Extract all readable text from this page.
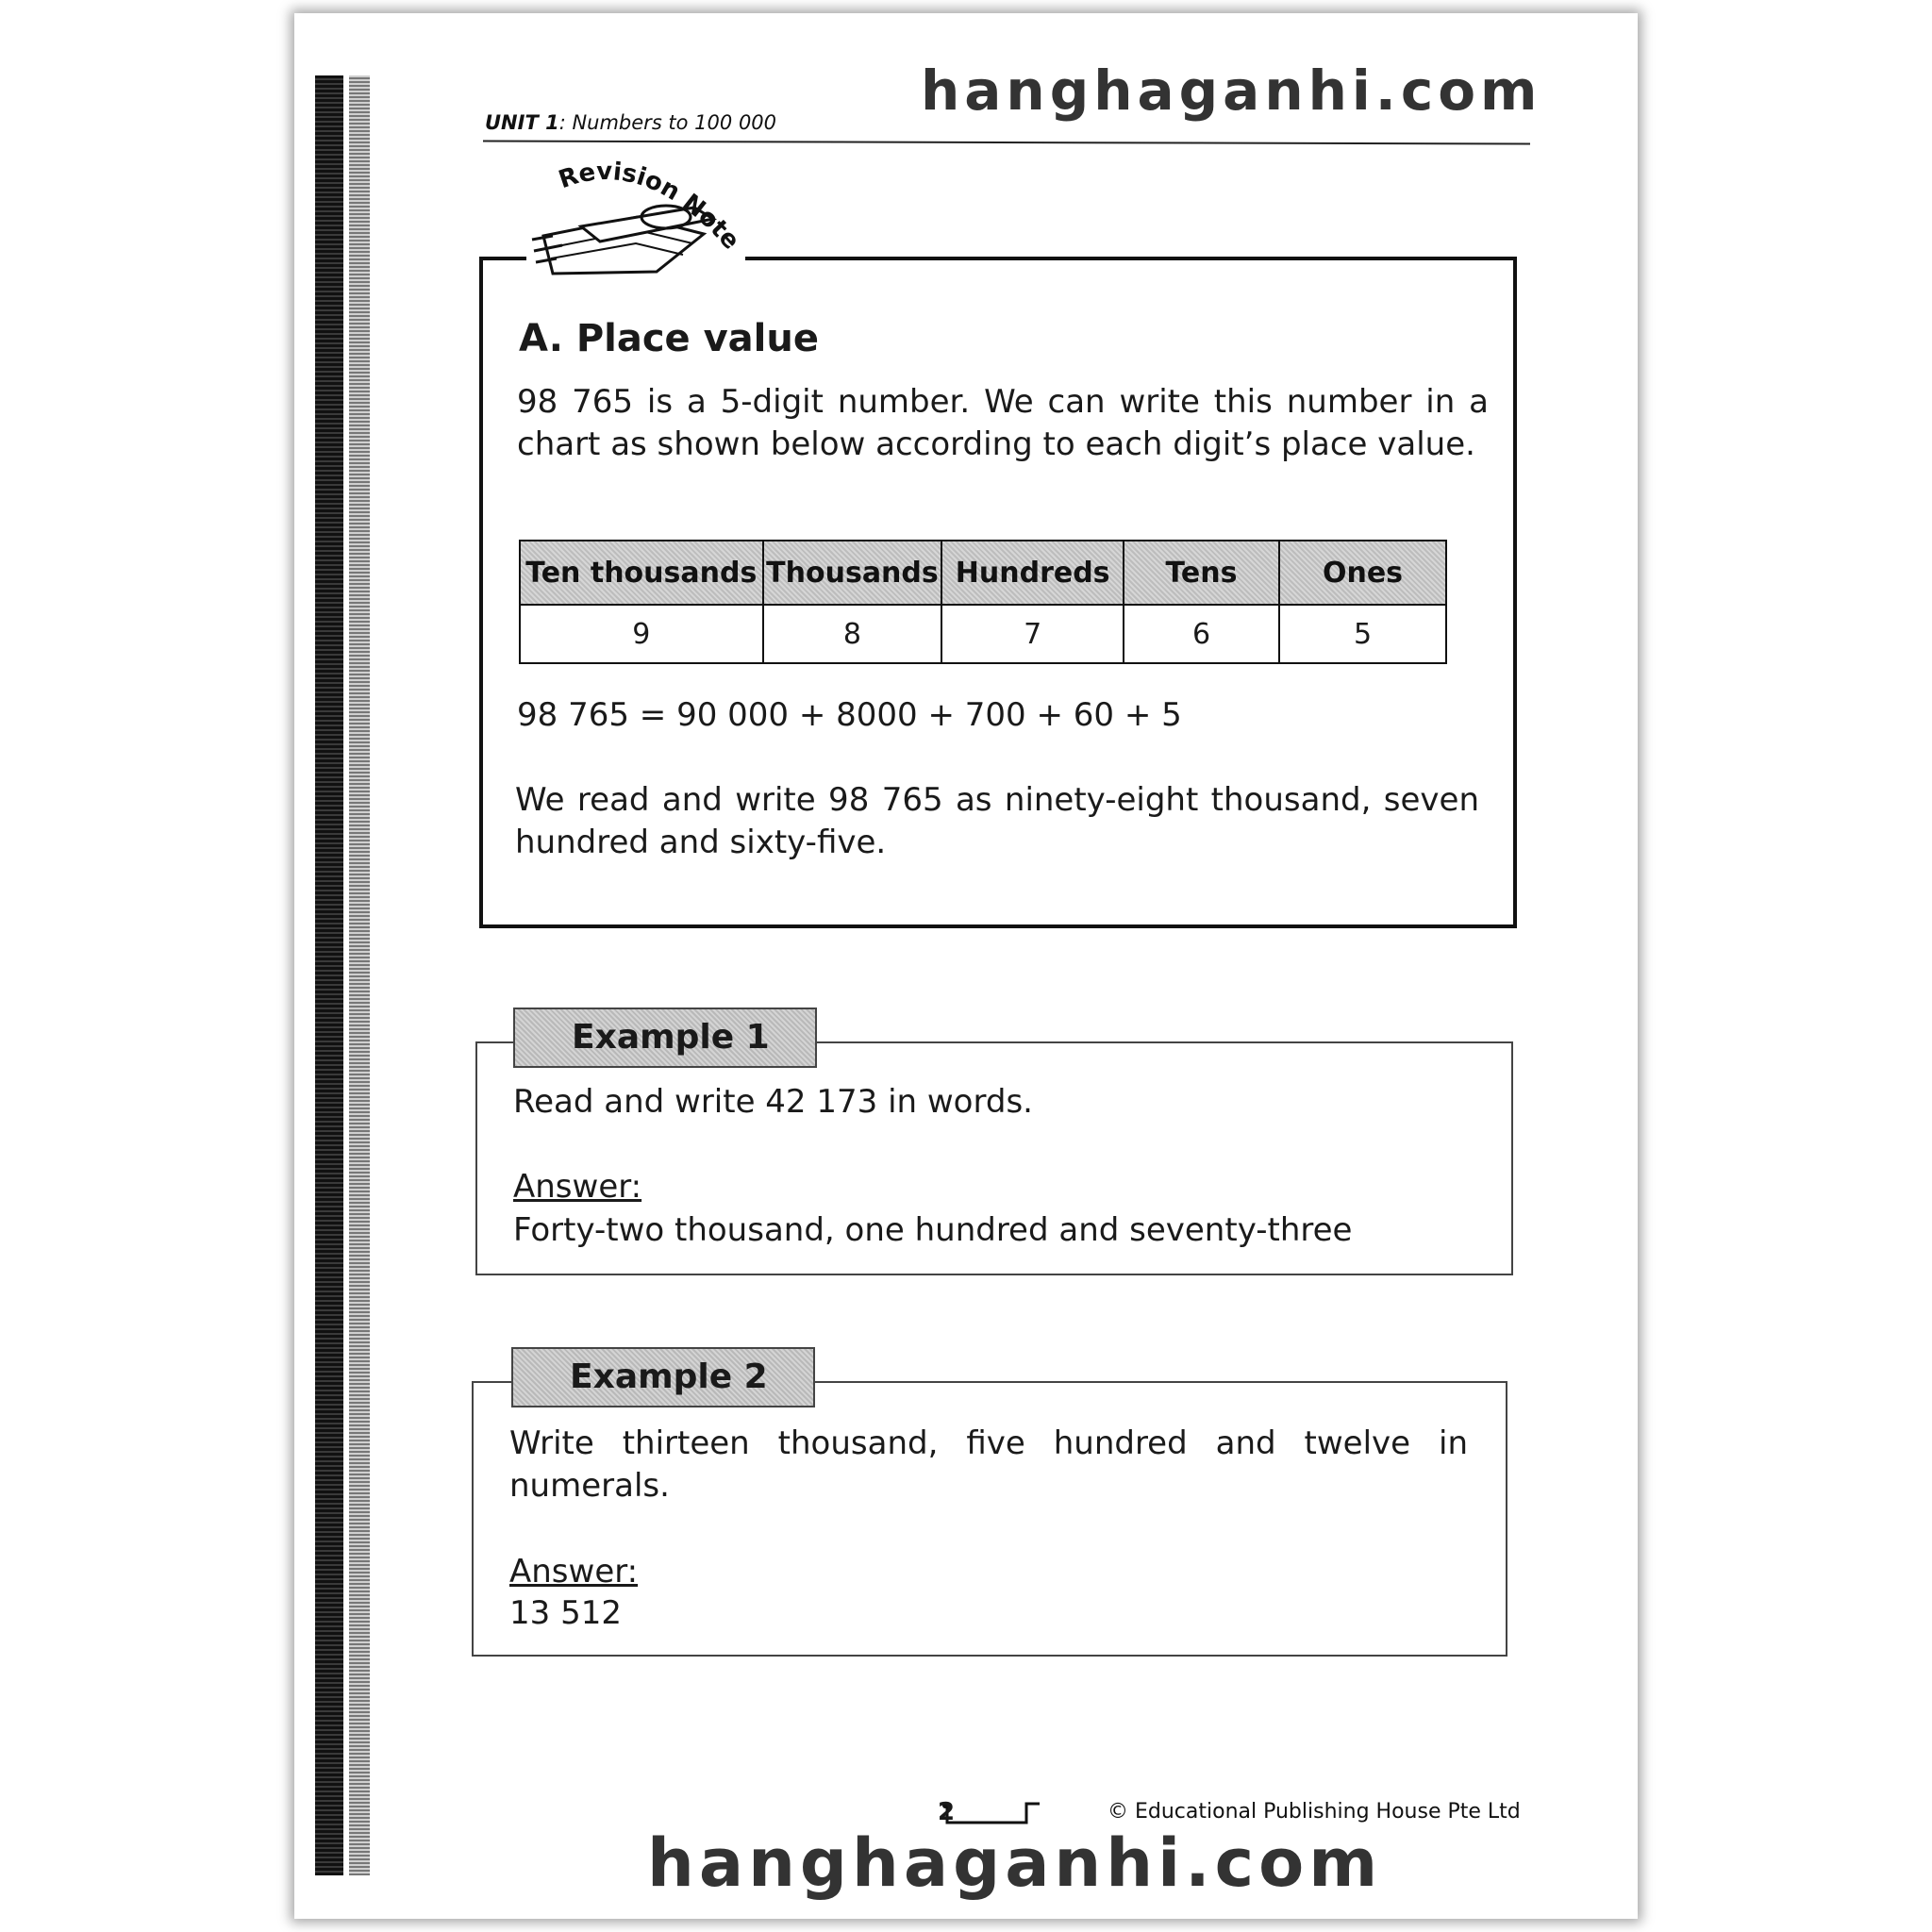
hanghaganhi.com
UNIT 1: Numbers to 100 000
Revision Note
A. Place value
98 765 is a 5-digit number. We can write this number in a chart as shown below according to each digit’s place value.
Ten thousands	Thousands	Hundreds	Tens	Ones
9	8	7	6	5
98 765 = 90 000 + 8000 + 700 + 60 + 5
We read and write 98 765 as ninety-eight thousand, seven hundred and sixty-five.
Example 1
Read and write 42 173 in words.
Answer:
Forty-two thousand, one hundred and seventy-three
Example 2
Write thirteen thousand, five hundred and twelve in numerals.
Answer:
13 512
2	© Educational Publishing House Pte Ltd
hanghaganhi.com
